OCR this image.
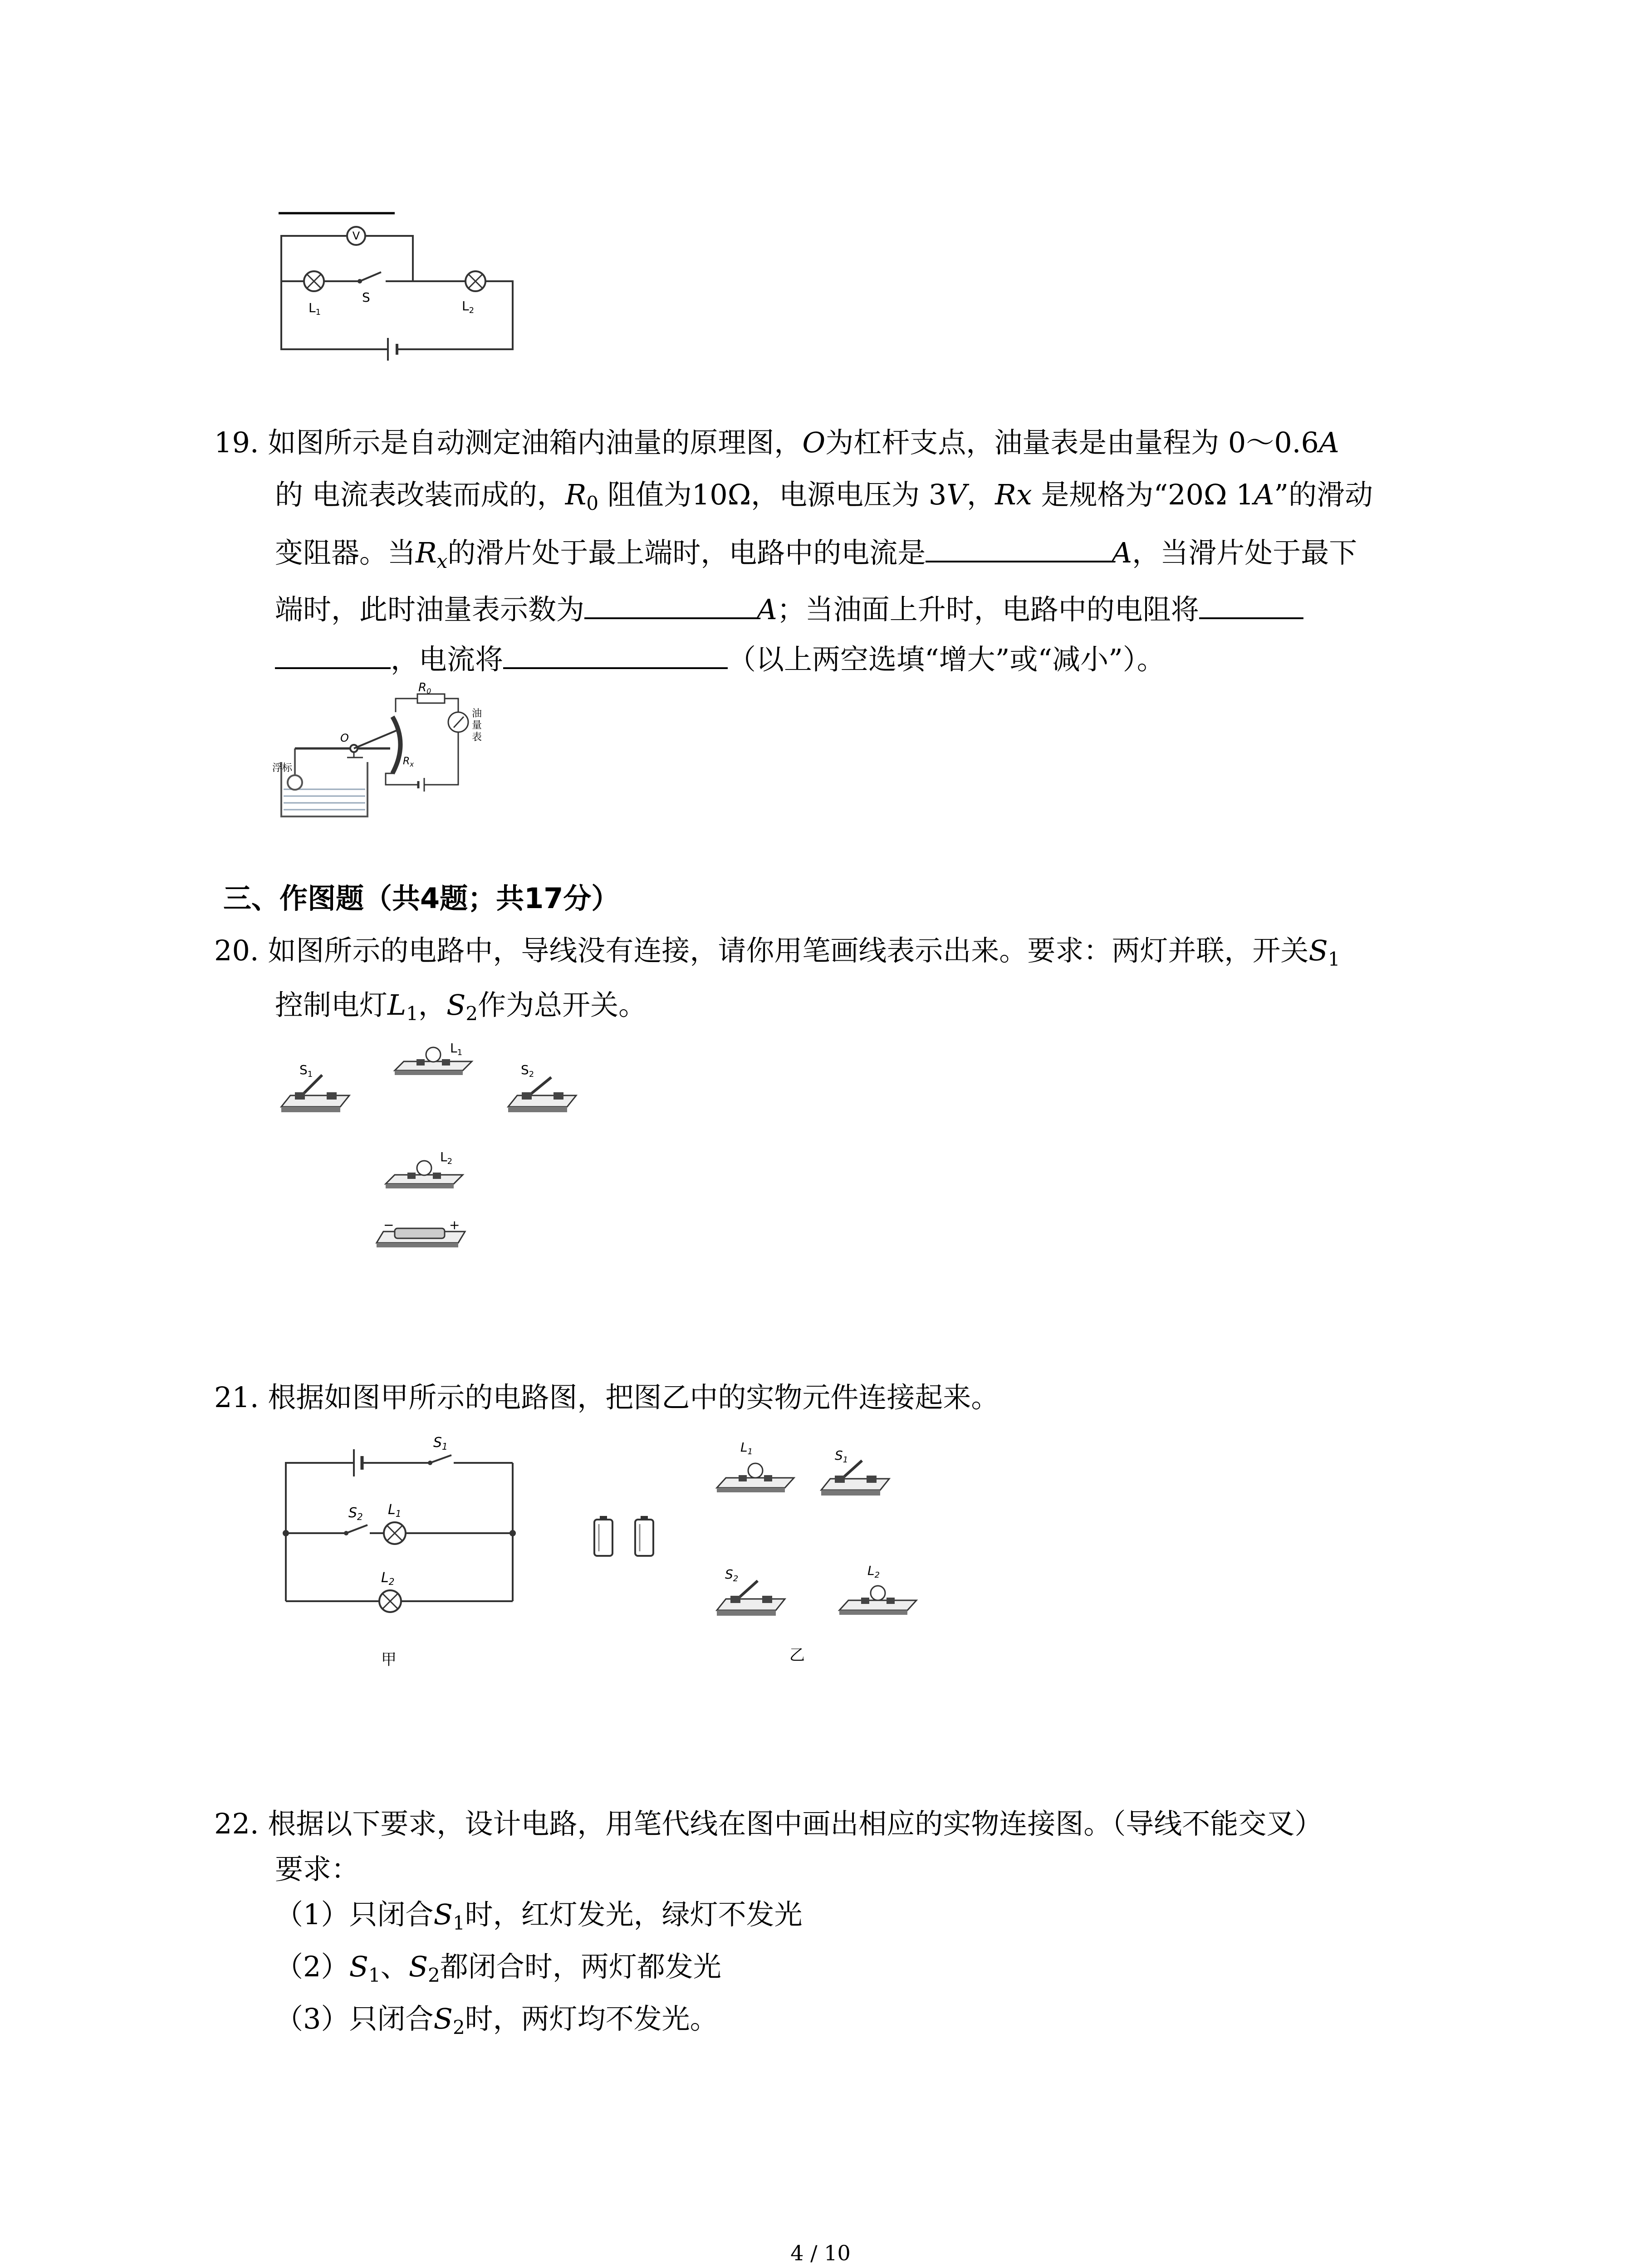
V
$L_1$
S
$L_2$
19. 如图所示是自动测定油箱内油量的原理图，O为杠杆支点，油量表是由量程为 0～0.6A
的 电流表改装而成的，$R_0$ 阻值为10Ω，电源电压为 3V，Rx 是规格为“20Ω 1A”的滑动
变阻器。当$R_x$的滑片处于最上端时，电路中的电流是	A，当滑片处于最下
端时，此时油量表示数为	A；当油面上升时，电路中的电阻将
，电流将	（以上两空选填“增大”或“减小”）。
R0
O
$R_x$
浮标
油
量
表
三、作图题（共4题；共17分）
20. 如图所示的电路中，导线没有连接，请你用笔画线表示出来。要求：两灯并联，开关$S_1$
控制电灯$L_1$，$S_2$作为总开关。
$S_1$
$L_1$
$S_2$
$L_2$
−	+
21. 根据如图甲所示的电路图，把图乙中的实物元件连接起来。
$S_1$
$S_2$ $L_1$
$L_2$
甲
$L_1$	$S_1$
$S_2$
$L_2$
乙
22. 根据以下要求，设计电路，用笔代线在图中画出相应的实物连接图。（导线不能交叉）
要求：
（1）只闭合$S_1$时，红灯发光，绿灯不发光
$(2)S_1$、$S_2$都闭合时，两灯都发光
（3）只闭合$S_2$时，两灯均不发光。
4 / 10
